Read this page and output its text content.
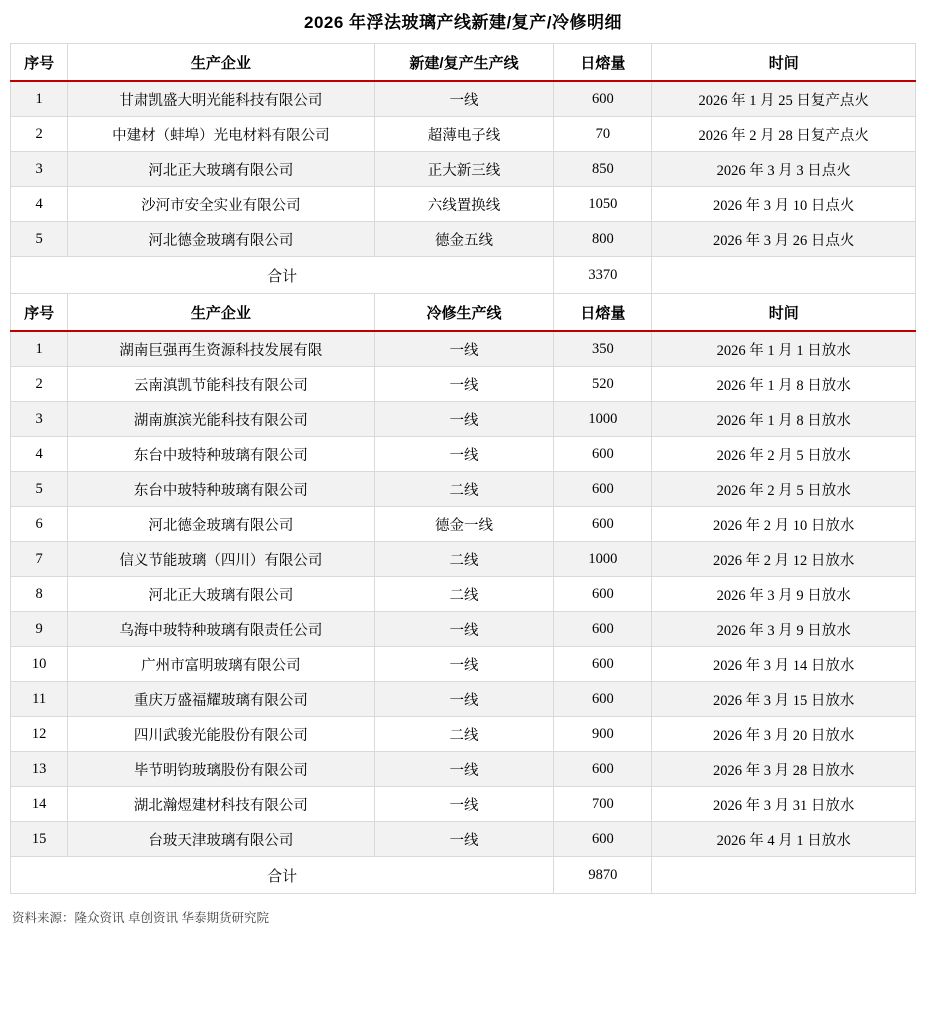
2026 年浮法玻璃产线新建/复产/冷修明细
序号	生产企业	新建/复产生产线	日熔量	时间
1	甘肃凯盛大明光能科技有限公司	一线	600	2026 年 1 月 25 日复产点火
2	中建材（蚌埠）光电材料有限公司	超薄电子线	70	2026 年 2 月 28 日复产点火
3	河北正大玻璃有限公司	正大新三线	850	2026 年 3 月 3 日点火
4	沙河市安全实业有限公司	六线置换线	1050	2026 年 3 月 10 日点火
5	河北德金玻璃有限公司	德金五线	800	2026 年 3 月 26 日点火
合计			3370	
序号	生产企业	冷修生产线	日熔量	时间
1	湖南巨强再生资源科技发展有限	一线	350	2026 年 1 月 1 日放水
2	云南滇凯节能科技有限公司	一线	520	2026 年 1 月 8 日放水
3	湖南旗滨光能科技有限公司	一线	1000	2026 年 1 月 8 日放水
4	东台中玻特种玻璃有限公司	一线	600	2026 年 2 月 5 日放水
5	东台中玻特种玻璃有限公司	二线	600	2026 年 2 月 5 日放水
6	河北德金玻璃有限公司	德金一线	600	2026 年 2 月 10 日放水
7	信义节能玻璃（四川）有限公司	二线	1000	2026 年 2 月 12 日放水
8	河北正大玻璃有限公司	二线	600	2026 年 3 月 9 日放水
9	乌海中玻特种玻璃有限责任公司	一线	600	2026 年 3 月 9 日放水
10	广州市富明玻璃有限公司	一线	600	2026 年 3 月 14 日放水
11	重庆万盛福耀玻璃有限公司	一线	600	2026 年 3 月 15 日放水
12	四川武骏光能股份有限公司	二线	900	2026 年 3 月 20 日放水
13	毕节明钧玻璃股份有限公司	一线	600	2026 年 3 月 28 日放水
14	湖北瀚煜建材科技有限公司	一线	700	2026 年 3 月 31 日放水
15	台玻天津玻璃有限公司	一线	600	2026 年 4 月 1 日放水
合计			9870	
资料来源：隆众资讯 卓创资讯 华泰期货研究院
